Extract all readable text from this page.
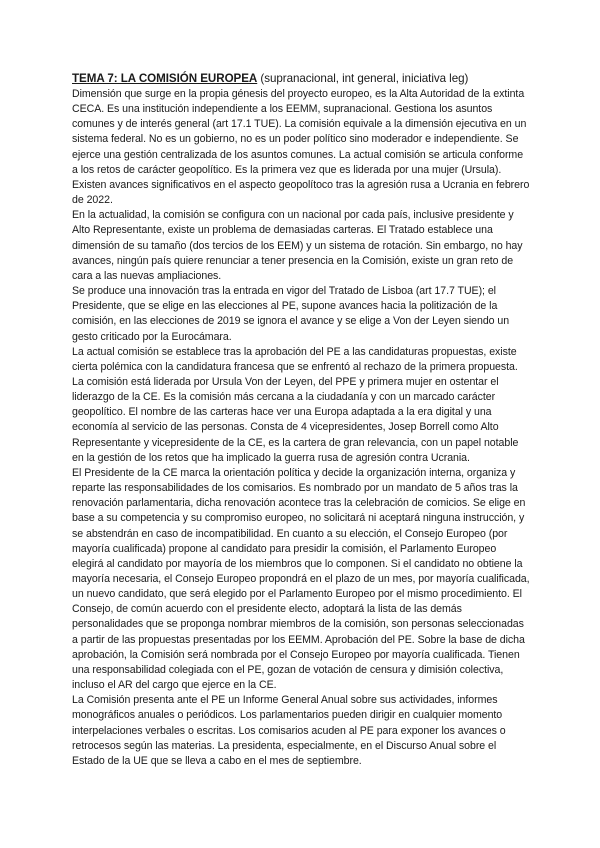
TEMA 7: LA COMISIÓN EUROPEA (supranacional, int general, iniciativa leg)

Dimensión que surge en la propia génesis del proyecto europeo, es la Alta Autoridad de la extinta CECA. Es una institución independiente a los EEMM, supranacional. Gestiona los asuntos comunes y de interés general (art 17.1 TUE). La comisión equivale a la dimensión ejecutiva en un sistema federal. No es un gobierno, no es un poder político sino moderador e independiente. Se ejerce una gestión centralizada de los asuntos comunes. La actual comisión se articula conforme a los retos de carácter geopolítico. Es la primera vez que es liderada por una mujer (Ursula). Existen avances significativos en el aspecto geopolítoco tras la agresión rusa a Ucrania en febrero de 2022.

En la actualidad, la comisión se configura con un nacional por cada país, inclusive presidente y Alto Representante, existe un problema de demasiadas carteras. El Tratado establece una dimensión de su tamaño (dos tercios de los EEM) y un sistema de rotación. Sin embargo, no hay avances, ningún país quiere renunciar a tener presencia en la Comisión, existe un gran reto de cara a las nuevas ampliaciones.

Se produce una innovación tras la entrada en vigor del Tratado de Lisboa (art 17.7 TUE); el Presidente, que se elige en las elecciones al PE, supone avances hacia la politización de la comisión, en las elecciones de 2019 se ignora el avance y se elige a Von der Leyen siendo un gesto criticado por la Eurocámara.

La actual comisión se establece tras la aprobación del PE a las candidaturas propuestas, existe cierta polémica con la candidatura francesa que se enfrentó al rechazo de la primera propuesta. La comisión está liderada por Ursula Von der Leyen, del PPE y primera mujer en ostentar el liderazgo de la CE. Es la comisión más cercana a la ciudadanía y con un marcado carácter geopolítico. El nombre de las carteras hace ver una Europa adaptada a la era digital y una economía al servicio de las personas. Consta de 4 vicepresidentes, Josep Borrell como Alto Representante y vicepresidente de la CE, es la cartera de gran relevancia, con un papel notable en la gestión de los retos que ha implicado la guerra rusa de agresión contra Ucrania.

El Presidente de la CE marca la orientación política y decide la organización interna, organiza y reparte las responsabilidades de los comisarios. Es nombrado por un mandato de 5 años tras la renovación parlamentaria, dicha renovación acontece tras la celebración de comicios. Se elige en base a su competencia y su compromiso europeo, no solicitará ni aceptará ninguna instrucción, y se abstendrán en caso de incompatibilidad. En cuanto a su elección, el Consejo Europeo (por mayoría cualificada) propone al candidato para presidir la comisión, el Parlamento Europeo elegirá al candidato por mayoría de los miembros que lo componen. Si el candidato no obtiene la mayoría necesaria, el Consejo Europeo propondrá en el plazo de un mes, por mayoría cualificada, un nuevo candidato, que será elegido por el Parlamento Europeo por el mismo procedimiento. El Consejo, de común acuerdo con el presidente electo, adoptará la lista de las demás personalidades que se proponga nombrar miembros de la comisión, son personas seleccionadas a partir de las propuestas presentadas por los EEMM. Aprobación del PE. Sobre la base de dicha aprobación, la Comisión será nombrada por el Consejo Europeo por mayoría cualificada. Tienen una responsabilidad colegiada con el PE, gozan de votación de censura y dimisión colectiva, incluso el AR del cargo que ejerce en la CE.

La Comisión presenta ante el PE un Informe General Anual sobre sus actividades, informes monográficos anuales o periódicos. Los parlamentarios pueden dirigir en cualquier momento interpelaciones verbales o escritas. Los comisarios acuden al PE para exponer los avances o retrocesos según las materias. La presidenta, especialmente, en el Discurso Anual sobre el Estado de la UE que se lleva a cabo en el mes de septiembre.
